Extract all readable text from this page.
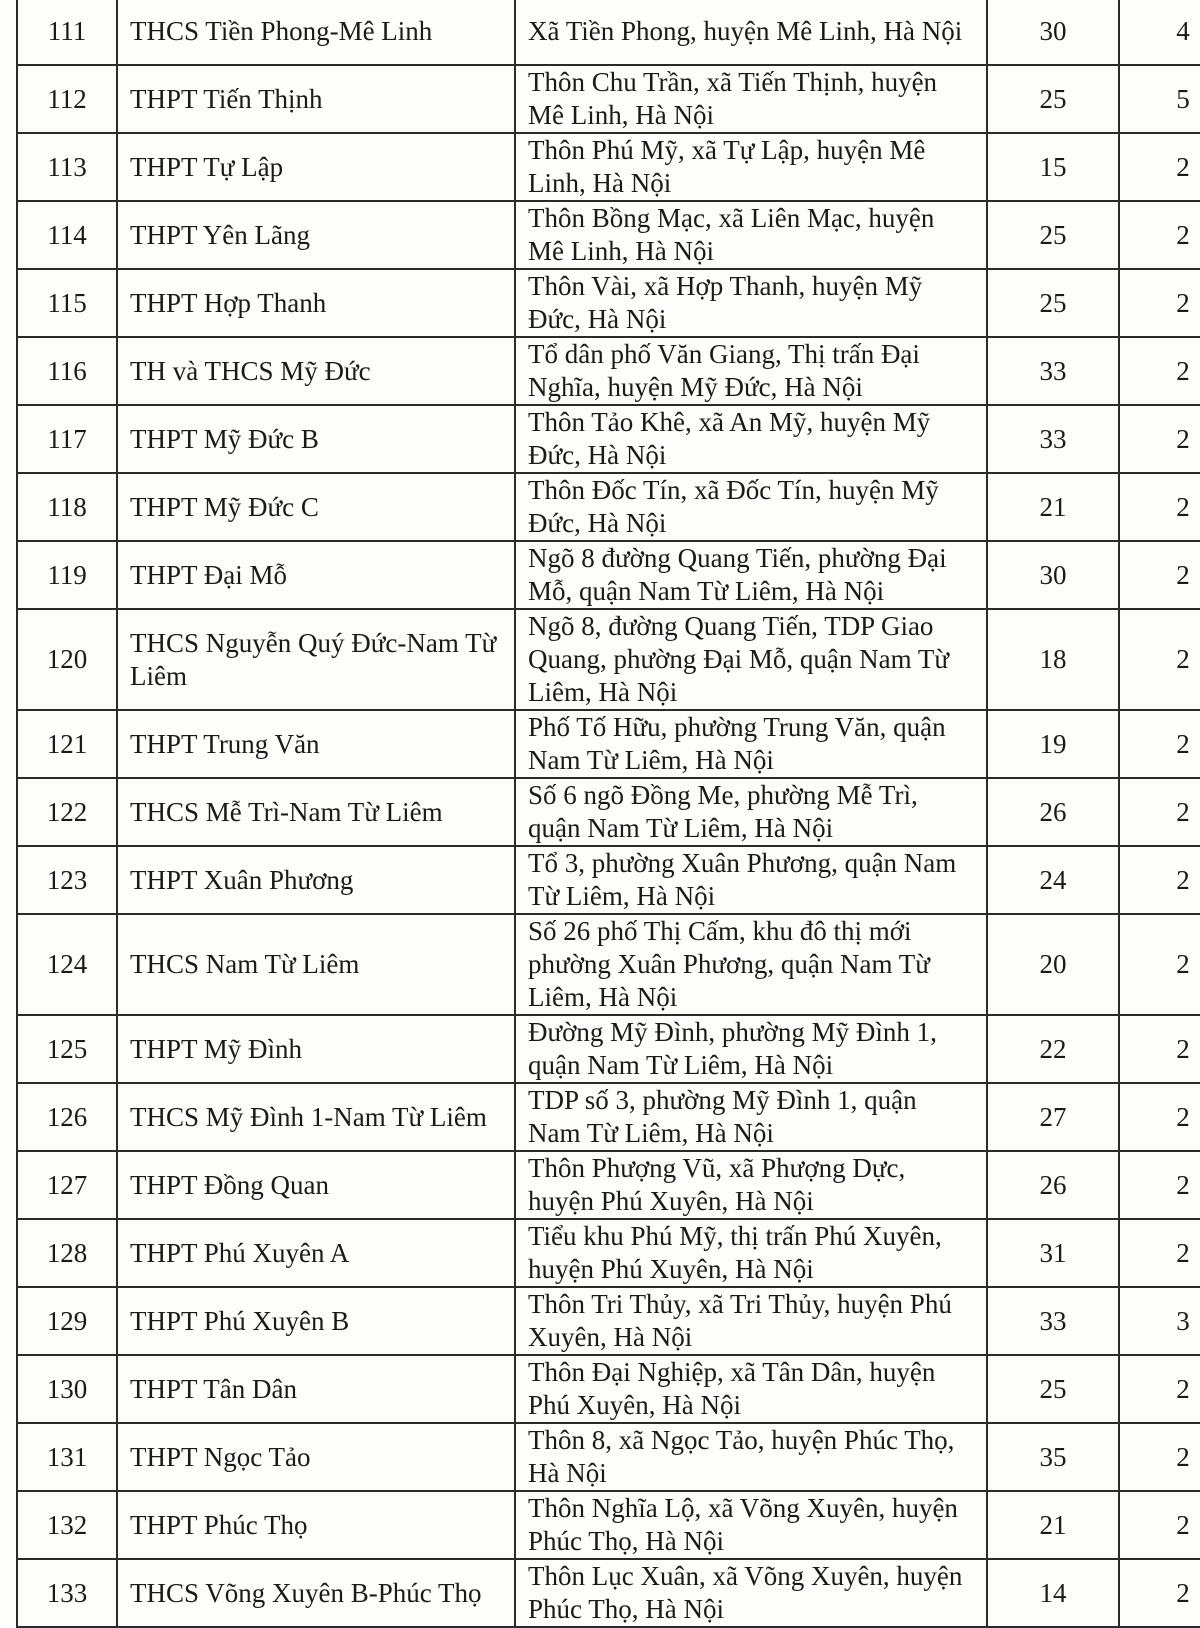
111	THCS Tiền Phong-Mê Linh	Xã Tiền Phong, huyện Mê Linh, Hà Nội	30	4
112	THPT Tiến Thịnh	Thôn Chu Trần, xã Tiến Thịnh, huyện Mê Linh, Hà Nội	25	5
113	THPT Tự Lập	Thôn Phú Mỹ, xã Tự Lập, huyện Mê Linh, Hà Nội	15	2
114	THPT Yên Lãng	Thôn Bồng Mạc, xã Liên Mạc, huyện Mê Linh, Hà Nội	25	2
115	THPT Hợp Thanh	Thôn Vài, xã Hợp Thanh, huyện Mỹ Đức, Hà Nội	25	2
116	TH và THCS Mỹ Đức	Tổ dân phố Văn Giang, Thị trấn Đại Nghĩa, huyện Mỹ Đức, Hà Nội	33	2
117	THPT Mỹ Đức B	Thôn Tảo Khê, xã An Mỹ, huyện Mỹ Đức, Hà Nội	33	2
118	THPT Mỹ Đức C	Thôn Đốc Tín, xã Đốc Tín, huyện Mỹ Đức, Hà Nội	21	2
119	THPT Đại Mỗ	Ngõ 8 đường Quang Tiến, phường Đại Mỗ, quận Nam Từ Liêm, Hà Nội	30	2
120	THCS Nguyễn Quý Đức-Nam Từ Liêm	Ngõ 8, đường Quang Tiến, TDP Giao Quang, phường Đại Mỗ, quận Nam Từ Liêm, Hà Nội	18	2
121	THPT Trung Văn	Phố Tố Hữu, phường Trung Văn, quận Nam Từ Liêm, Hà Nội	19	2
122	THCS Mễ Trì-Nam Từ Liêm	Số 6 ngõ Đồng Me, phường Mễ Trì, quận Nam Từ Liêm, Hà Nội	26	2
123	THPT Xuân Phương	Tổ 3, phường Xuân Phương, quận Nam Từ Liêm, Hà Nội	24	2
124	THCS Nam Từ Liêm	Số 26 phố Thị Cấm, khu đô thị mới phường Xuân Phương, quận Nam Từ Liêm, Hà Nội	20	2
125	THPT Mỹ Đình	Đường Mỹ Đình, phường Mỹ Đình 1, quận Nam Từ Liêm, Hà Nội	22	2
126	THCS Mỹ Đình 1-Nam Từ Liêm	TDP số 3, phường Mỹ Đình 1, quận Nam Từ Liêm, Hà Nội	27	2
127	THPT Đồng Quan	Thôn Phượng Vũ, xã Phượng Dực, huyện Phú Xuyên, Hà Nội	26	2
128	THPT Phú Xuyên A	Tiểu khu Phú Mỹ, thị trấn Phú Xuyên, huyện Phú Xuyên, Hà Nội	31	2
129	THPT Phú Xuyên B	Thôn Tri Thủy, xã Tri Thủy, huyện Phú Xuyên, Hà Nội	33	3
130	THPT Tân Dân	Thôn Đại Nghiệp, xã Tân Dân, huyện Phú Xuyên, Hà Nội	25	2
131	THPT Ngọc Tảo	Thôn 8, xã Ngọc Tảo, huyện Phúc Thọ, Hà Nội	35	2
132	THPT Phúc Thọ	Thôn Nghĩa Lộ, xã Võng Xuyên, huyện Phúc Thọ, Hà Nội	21	2
133	THCS Võng Xuyên B-Phúc Thọ	Thôn Lục Xuân, xã Võng Xuyên, huyện Phúc Thọ, Hà Nội	14	2
